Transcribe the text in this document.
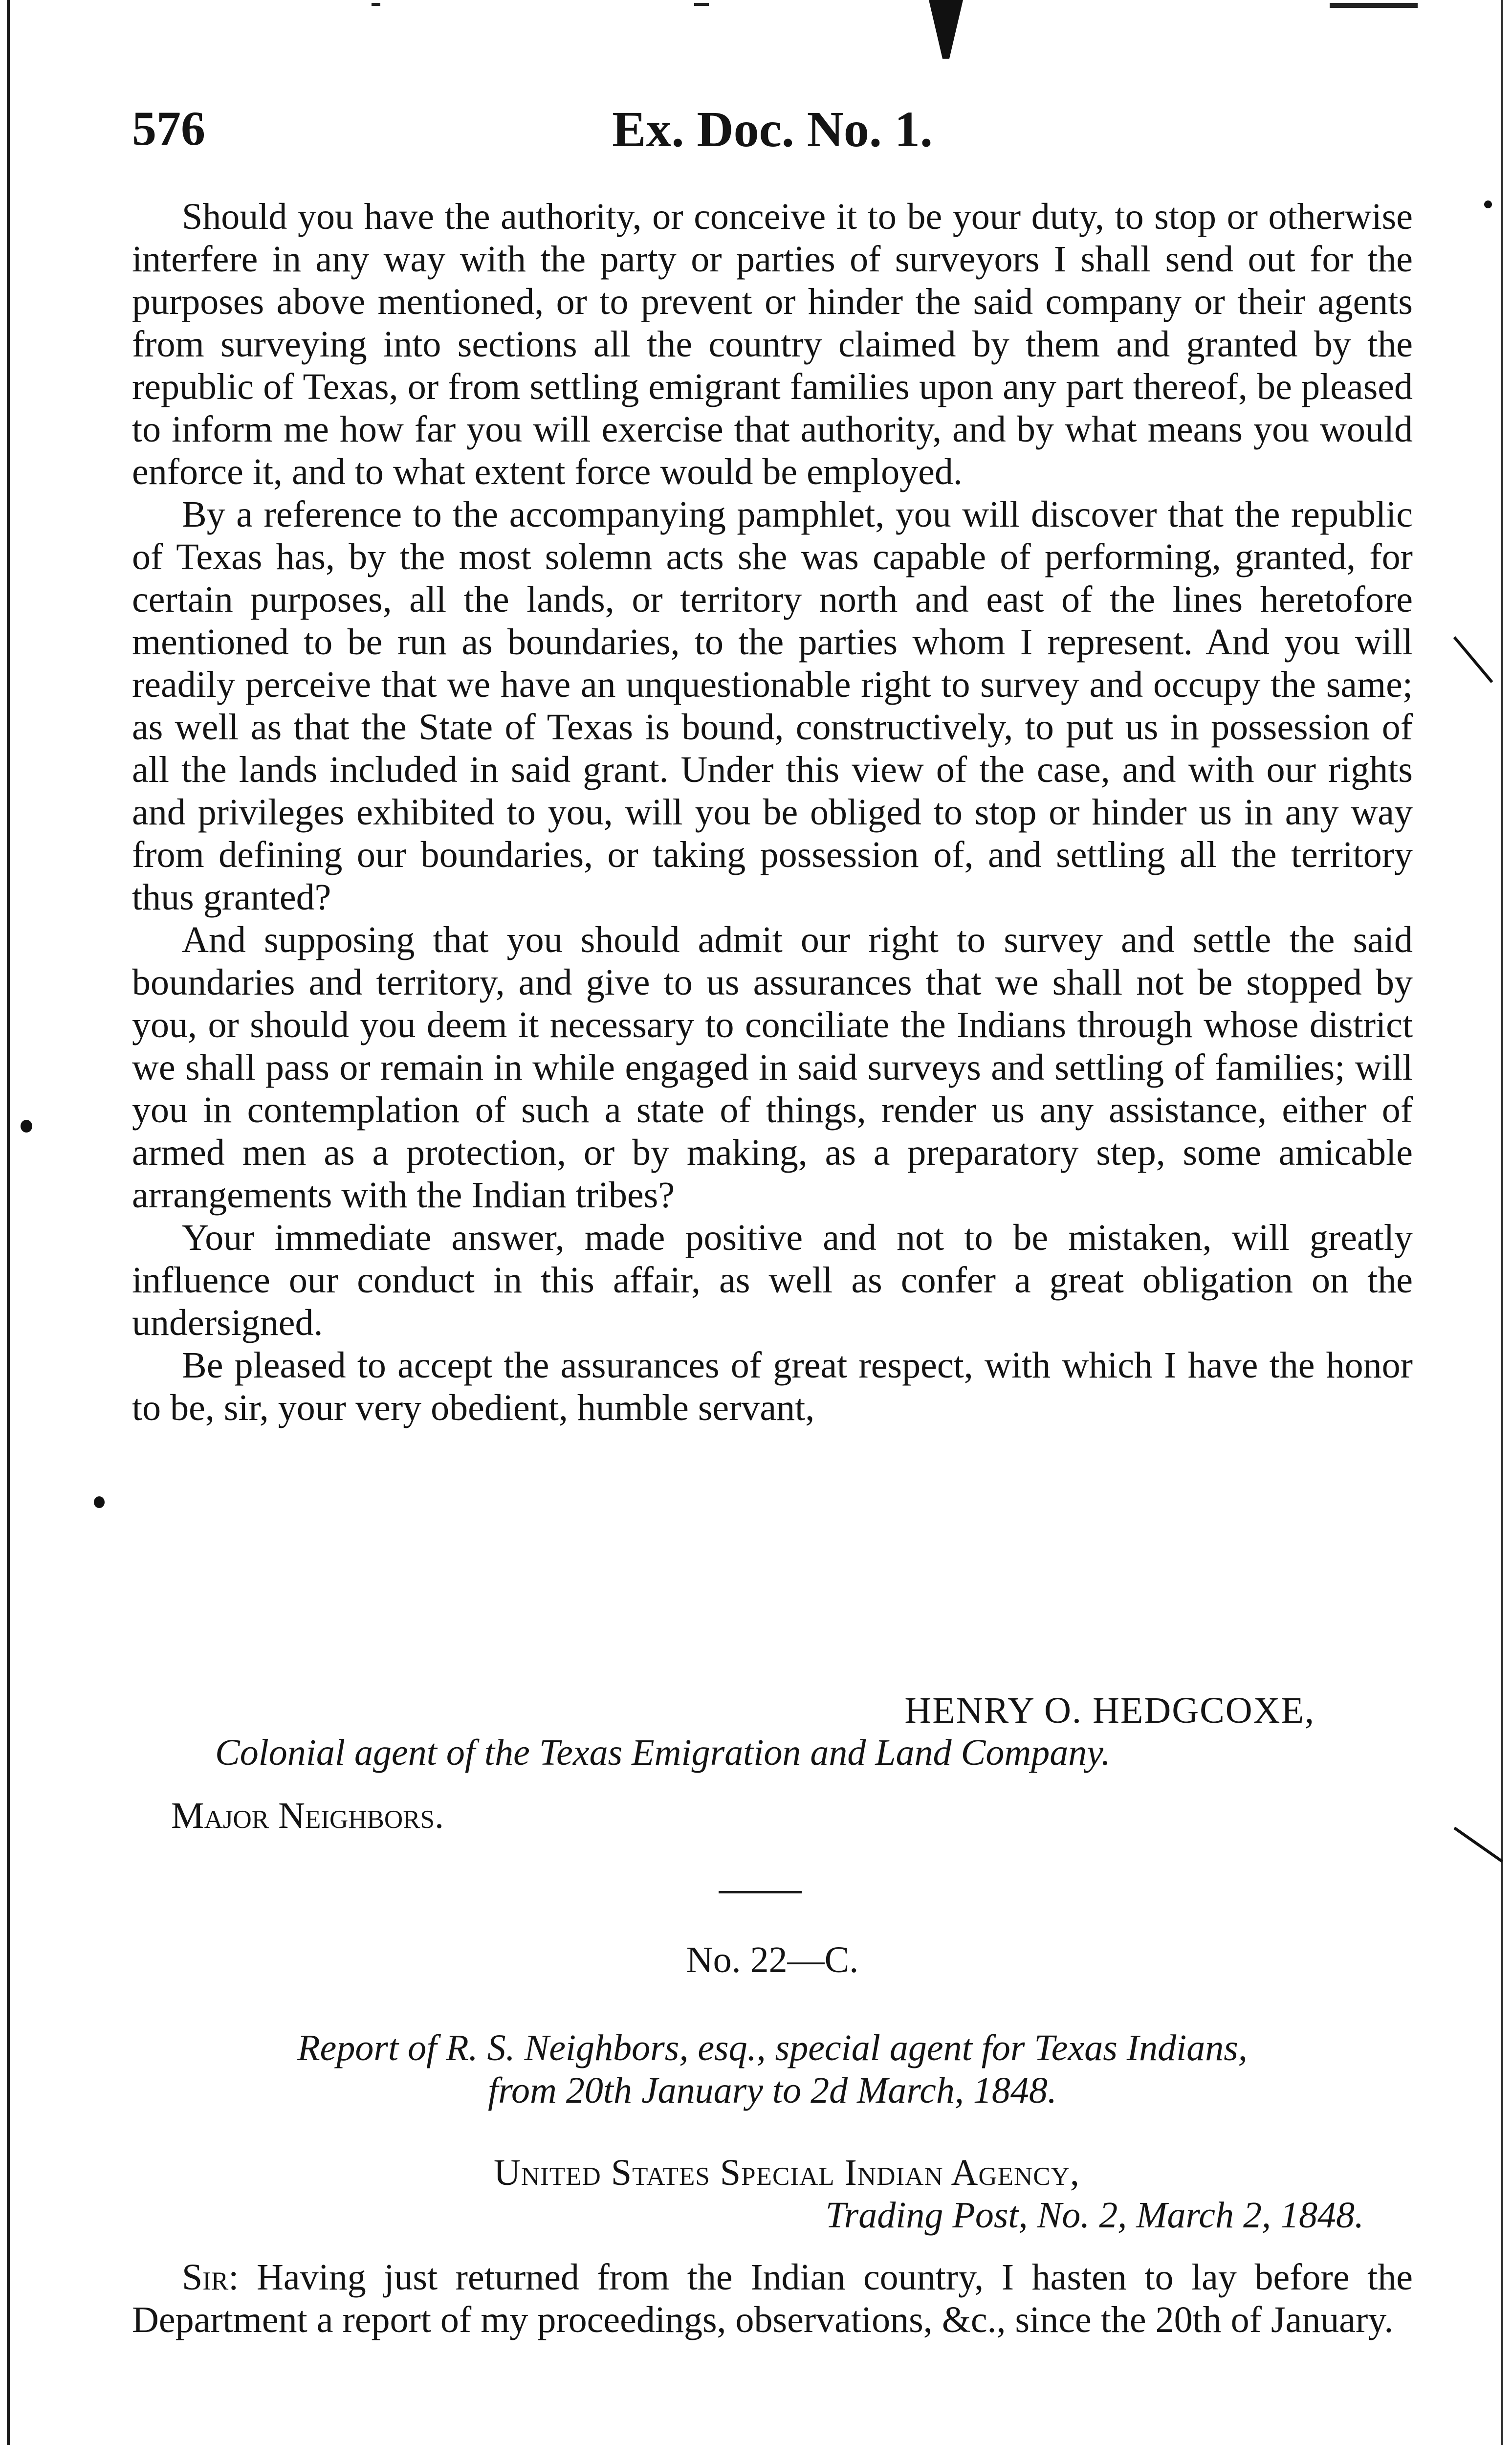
576	Ex. Doc. No. 1.

Should you have the authority, or conceive it to be your duty, to stop or otherwise interfere in any way with the party or parties of surveyors I shall send out for the purposes above mentioned, or to prevent or hinder the said company or their agents from surveying into sections all the country claimed by them and granted by the republic of Texas, or from settling emigrant families upon any part thereof, be pleased to inform me how far you will exercise that authority, and by what means you would enforce it, and to what extent force would be employed.

By a reference to the accompanying pamphlet, you will discover that the republic of Texas has, by the most solemn acts she was capable of performing, granted, for certain purposes, all the lands, or territory north and east of the lines heretofore mentioned to be run as boundaries, to the parties whom I represent. And you will readily perceive that we have an unquestionable right to survey and occupy the same; as well as that the State of Texas is bound, constructively, to put us in possession of all the lands included in said grant. Under this view of the case, and with our rights and privileges exhibited to you, will you be obliged to stop or hinder us in any way from defining our boundaries, or taking possession of, and settling all the territory thus granted?

And supposing that you should admit our right to survey and settle the said boundaries and territory, and give to us assurances that we shall not be stopped by you, or should you deem it necessary to conciliate the Indians through whose district we shall pass or remain in while engaged in said surveys and settling of families; will you in contemplation of such a state of things, render us any assistance, either of armed men as a protection, or by making, as a preparatory step, some amicable arrangements with the Indian tribes?

Your immediate answer, made positive and not to be mistaken, will greatly influence our conduct in this affair, as well as confer a great obligation on the undersigned.

Be pleased to accept the assurances of great respect, with which I have the honor to be, sir, your very obedient, humble servant,

HENRY O. HEDGCOXE,
Colonial agent of the Texas Emigration and Land Company.
Major Neighbors.
No. 22—C.
Report of R. S. Neighbors, esq., special agent for Texas Indians,
from 20th January to 2d March, 1848.
United States Special Indian Agency,
Trading Post, No. 2, March 2, 1848.

Sir: Having just returned from the Indian country, I hasten to lay before the Department a report of my proceedings, observations, &c., since the 20th of January.
